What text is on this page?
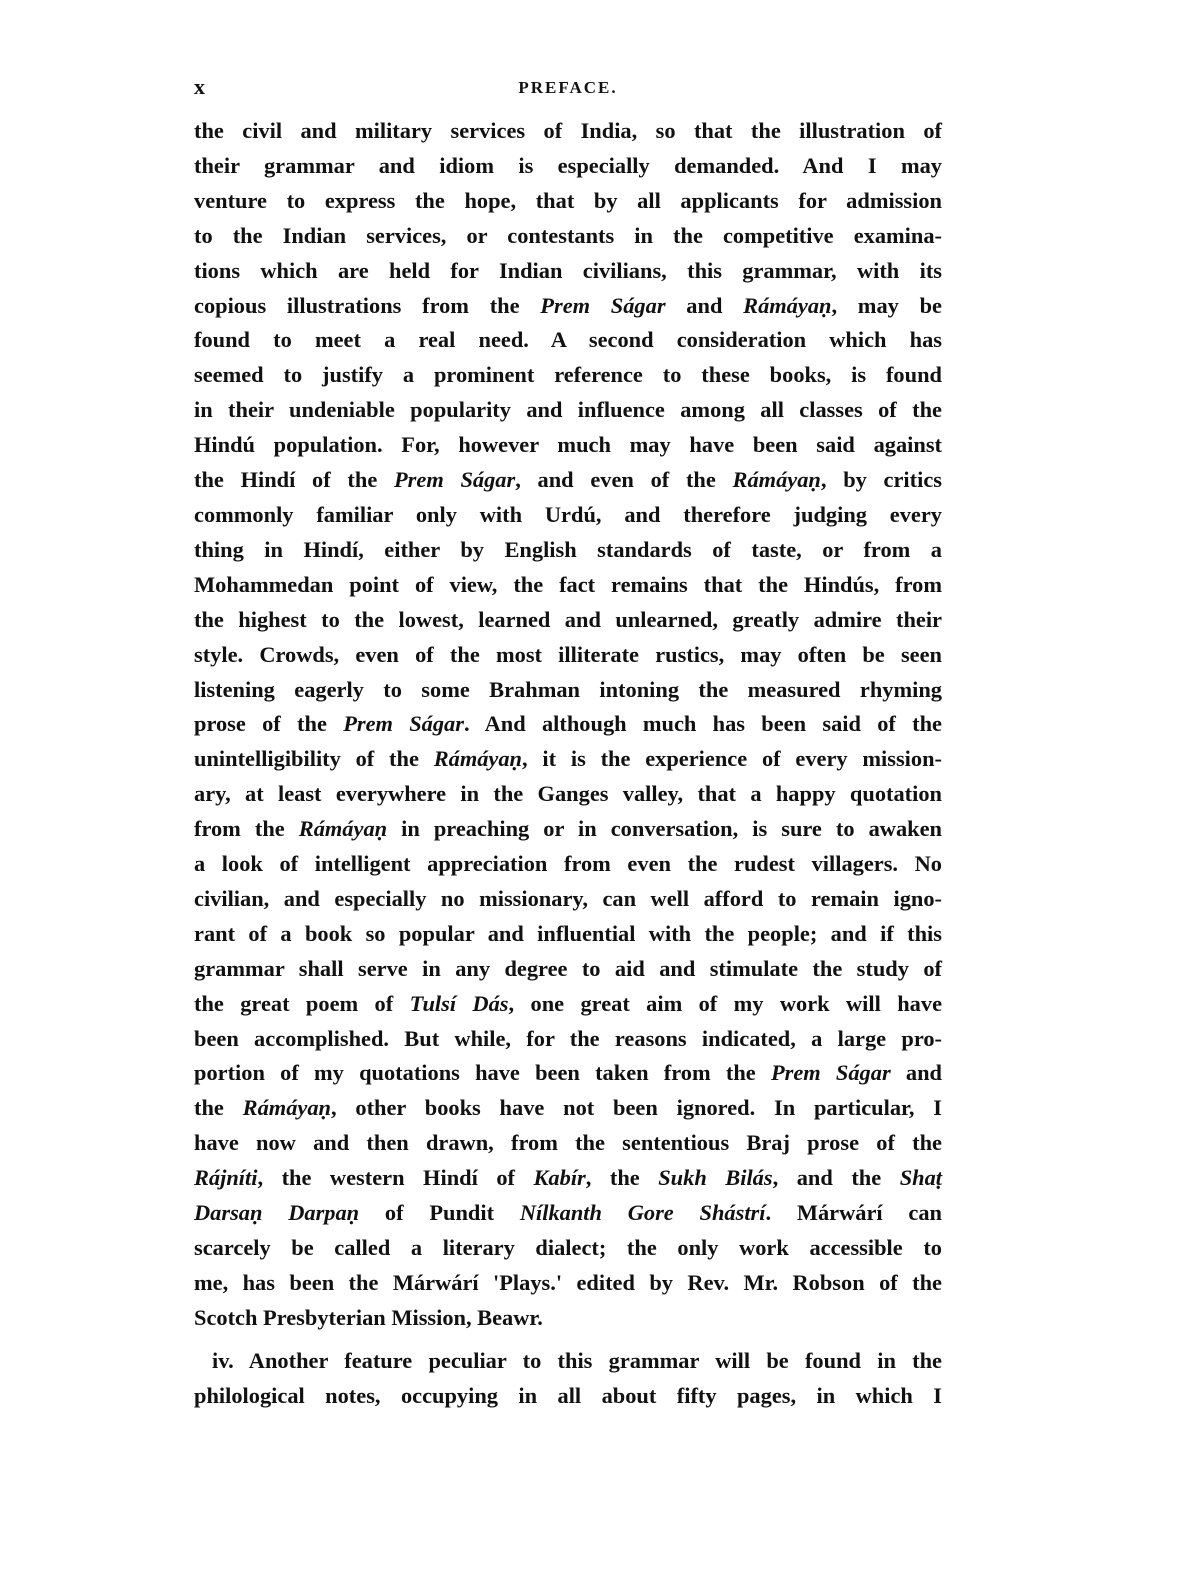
x	PREFACE.

the civil and military services of India, so that the illustration of

their grammar and idiom is especially demanded. And I may

venture to express the hope, that by all applicants for admission

to the Indian services, or contestants in the competitive examina-

tions which are held for Indian civilians, this grammar, with its

copious illustrations from the Prem Ságar and Rámáyaṇ, may be

found to meet a real need. A second consideration which has

seemed to justify a prominent reference to these books, is found

in their undeniable popularity and influence among all classes of the

Hindú population. For, however much may have been said against

the Hindí of the Prem Ságar, and even of the Rámáyaṇ, by critics

commonly familiar only with Urdú, and therefore judging every

thing in Hindí, either by English standards of taste, or from a

Mohammedan point of view, the fact remains that the Hindús, from

the highest to the lowest, learned and unlearned, greatly admire their

style. Crowds, even of the most illiterate rustics, may often be seen

listening eagerly to some Brahman intoning the measured rhyming

prose of the Prem Ságar. And although much has been said of the

unintelligibility of the Rámáyaṇ, it is the experience of every mission-

ary, at least everywhere in the Ganges valley, that a happy quotation

from the Rámáyaṇ in preaching or in conversation, is sure to awaken

a look of intelligent appreciation from even the rudest villagers. No

civilian, and especially no missionary, can well afford to remain igno-

rant of a book so popular and influential with the people; and if this

grammar shall serve in any degree to aid and stimulate the study of

the great poem of Tulsí Dás, one great aim of my work will have

been accomplished. But while, for the reasons indicated, a large pro-

portion of my quotations have been taken from the Prem Ságar and

the Rámáyaṇ, other books have not been ignored. In particular, I

have now and then drawn, from the sententious Braj prose of the

Rájníti, the western Hindí of Kabír, the Sukh Bilás, and the Shaṭ

Darsaṇ Darpaṇ of Pundit Nílkanth Gore Shástrí. Márwárí can

scarcely be called a literary dialect; the only work accessible to

me, has been the Márwárí 'Plays.' edited by Rev. Mr. Robson of the

Scotch Presbyterian Mission, Beawr.

iv. Another feature peculiar to this grammar will be found in the

philological notes, occupying in all about fifty pages, in which I
